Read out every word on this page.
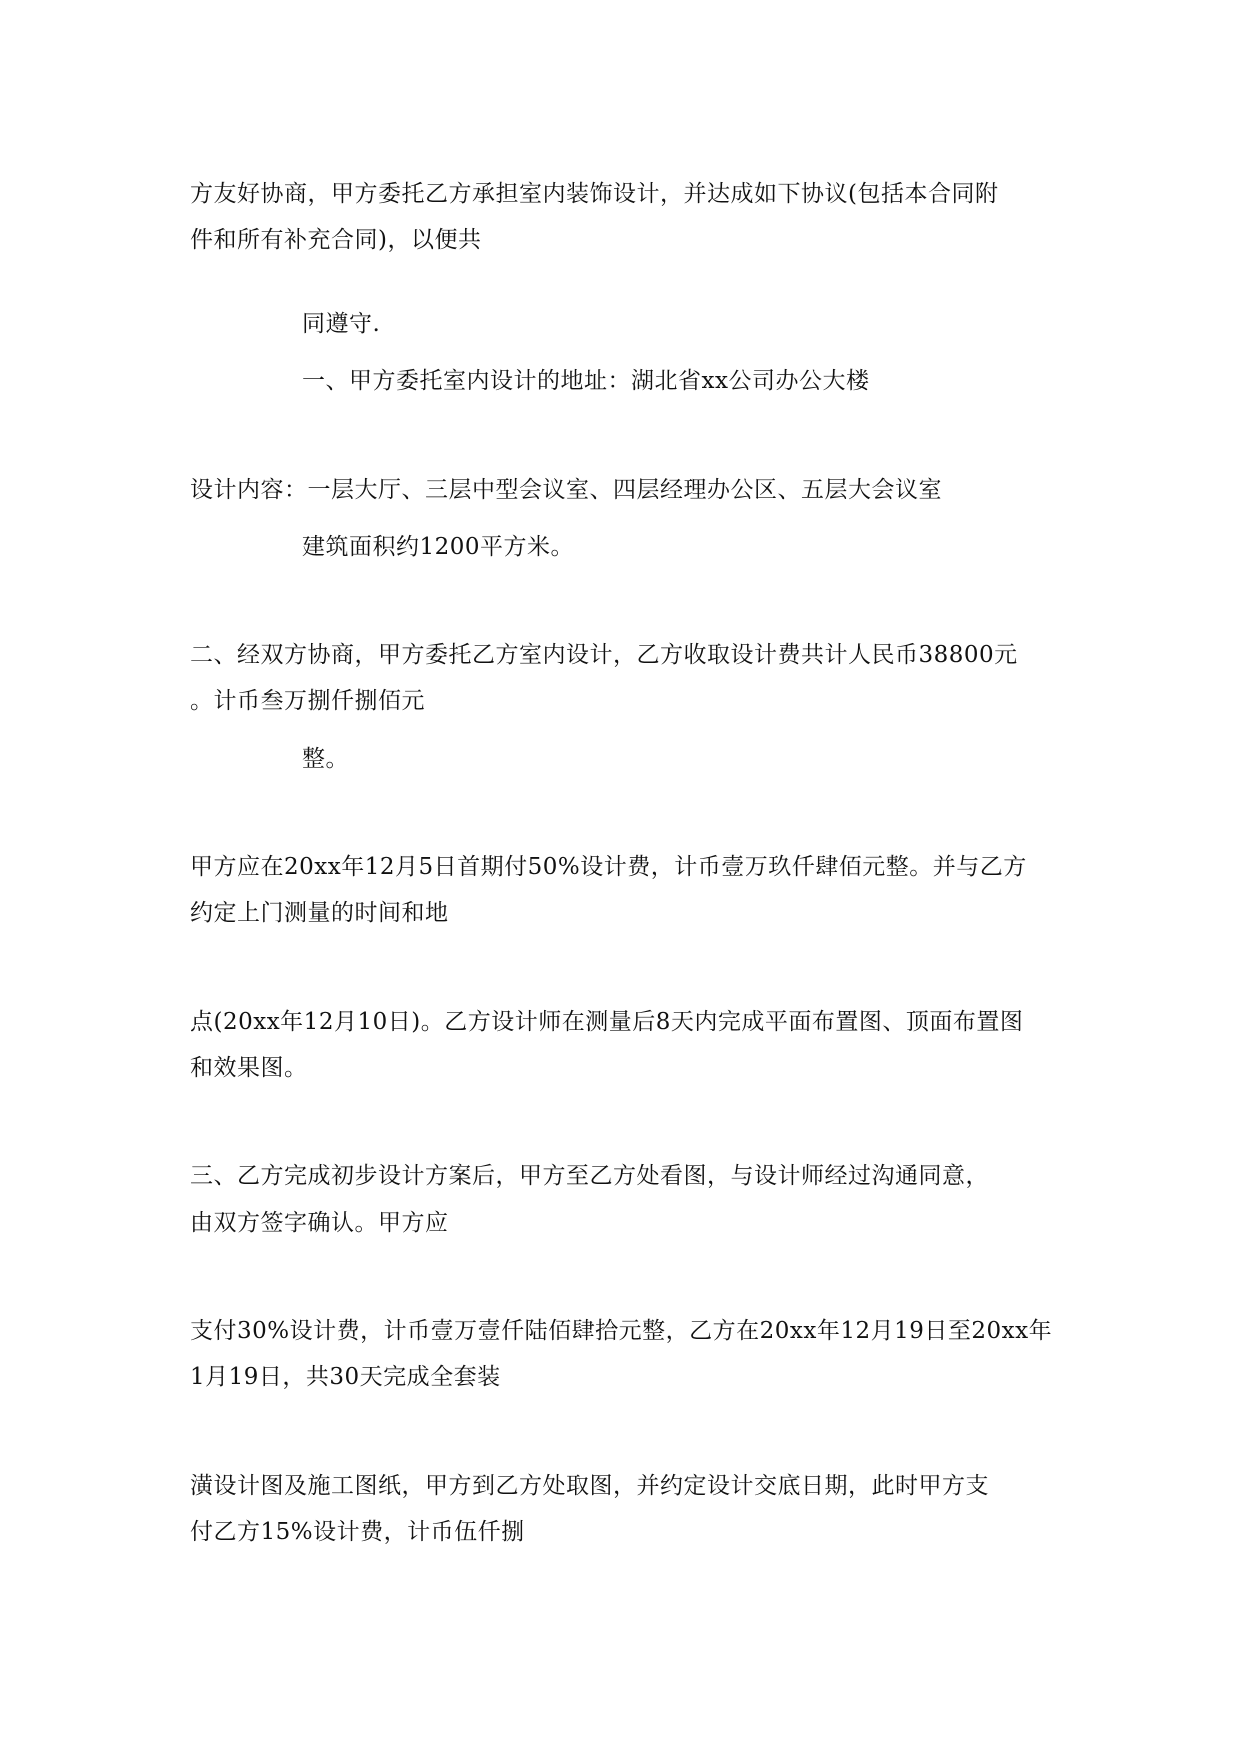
方友好协商，甲方委托乙方承担室内装饰设计，并达成如下协议(包括本合同附
件和所有补充合同)，以便共
同遵守.
一、甲方委托室内设计的地址：湖北省xx公司办公大楼
设计内容：一层大厅、三层中型会议室、四层经理办公区、五层大会议室
建筑面积约1200平方米。
二、经双方协商，甲方委托乙方室内设计，乙方收取设计费共计人民币38800元
。计币叁万捌仟捌佰元
整。
甲方应在20xx年12月5日首期付50%设计费，计币壹万玖仟肆佰元整。并与乙方
约定上门测量的时间和地
点(20xx年12月10日)。乙方设计师在测量后8天内完成平面布置图、顶面布置图
和效果图。
三、乙方完成初步设计方案后，甲方至乙方处看图，与设计师经过沟通同意，
由双方签字确认。甲方应
支付30%设计费，计币壹万壹仟陆佰肆拾元整，乙方在20xx年12月19日至20xx年
1月19日，共30天完成全套装
潢设计图及施工图纸，甲方到乙方处取图，并约定设计交底日期，此时甲方支
付乙方15%设计费，计币伍仟捌
